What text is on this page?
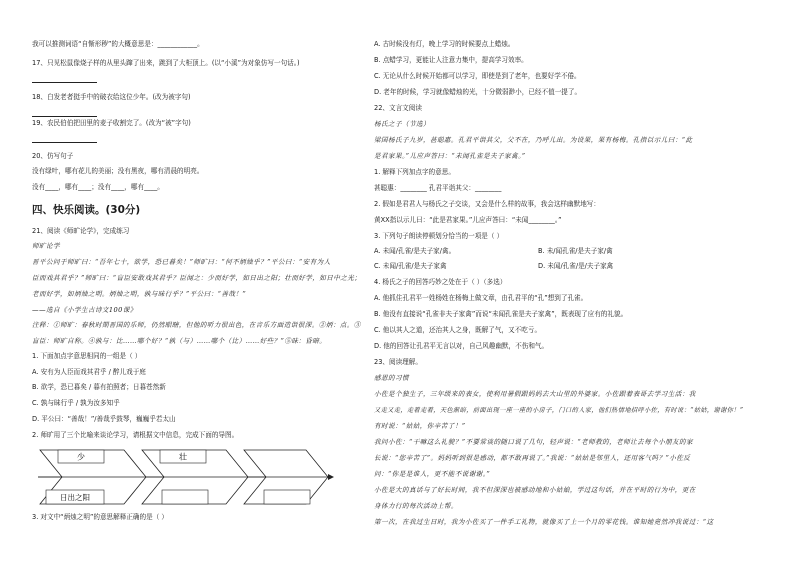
我可以推测词语“自惭形秽”的大概意思是：____________。
17、只见松鼠像烧子样的从里头蹿了出来，跳到了大柜顶上。(以“小溪”为对象仿写一句话。)
18、白发老者挺手中的破衣给这位少年。(改为被字句)
19、农民伯伯把田里的麦子收割完了。(改为“被”字句)
20、仿写句子
没有绿叶，哪有花儿的美丽；没有黑夜，哪有清晨的明亮。
没有____，哪有____；没有____，哪有____。
四、快乐阅读。(30分)
21、阅读《师旷论学》，完成练习
师旷论学
晋平公问于师旷曰：“吾年七十，欲学，恐已暮矣！”师旷曰：“何不炳烛乎？”平公曰：“安有为人
臣而戏其君乎？”师旷曰：“盲臣安敢戏其君乎？臣闻之：少而好学，如日出之阳；壮而好学，如日中之光；
老而好学，如炳烛之明。炳烛之明，孰与昧行乎？”平公曰：“善哉！”
——选自《小学生古诗文100课》
注释：①师旷：春秋时期晋国的乐师，仍然眼瞎，但他的听力很出色，在音乐方面造诣很深。②炳：点。③
盲臣：师旷自称。④孰与：比……哪个好？“孰（与）……哪个（比）……好些？”⑤昧：昏暗。
1. 下面加点字意思相同的一组是（ ）
A. 安有为人臣而戏其君乎 / 醉儿戏于庭
B. 欲学，恐已暮矣 / 暮有拍照者；日暮苍然新
C. 孰与昧行乎 / 孰为汝多知乎
D. 平公曰：“善哉！”/善哉乎鼓琴，巍巍乎若太山
2. 师旷用了三个比喻来谈论学习，请根据文中信息，完成下面的导图。
少	壮
日出之阳
3. 对文中“炳烛之明”的意思解释正确的是（ ）
A. 古时候没有灯，晚上学习的时候要点上蜡烛。
B. 点蜡学习，更能让人注意力集中，提高学习效率。
C. 无论从什么时候开始都可以学习，即使是到了老年，也要好学不倦。
D. 老年的时候，学习就像蜡烛的光，十分微弱渺小，已经不值一提了。
22、文言文阅读
杨氏之子（节选）
梁国杨氏子九岁，甚聪惠。孔君平诣其父，父不在，乃呼儿出。为设果，果有杨梅。孔指以示儿曰：“此
是君家果。”儿应声答曰：“未闻孔雀是夫子家禽。”
1. 解释下列加点字的意思。
甚聪惠：________ 孔君平诣其父：________
2. 假如是君君人与杨氏之子交谈，又会是什么样的故事，我会这样幽默地写：
黄XX指以示儿曰：“此是君家果。”儿应声答曰：“未闻________。”
3. 下列句子朗读停顿划分恰当的一项是（ ）
A. 未闻/孔雀/是夫子家/禽。	B. 未/闻孔雀/是夫子家/禽
C. 未闻/孔雀/是夫子家禽	D. 未闻/孔雀/是/夫子家禽
4. 杨氏之子的回答巧妙之处在于（ ）（多选）
A. 他抓住孔君平一姓杨姓在杨梅上做文章，由孔君平的“孔”想到了孔雀。
B. 他没有直接说“孔雀非夫子家禽”而说“未闻孔雀是夫子家禽”，既表现了应有的礼貌。
C. 他以其人之道，还治其人之身，既解了气，又不吃亏。
D. 他的回答让孔君平无言以对，自己风趣幽默，不伤和气。
23、阅读理解。
感恩的习惯
小佐是个独生子，三年级来的表女，使利用暑假跟妈妈去大山里的外婆家。小佐跟着表哥去学习生活：我
又走又走，走着走着，天色渐暗，前面出现一座一座的小房子，门口的人家，他们热情地招呼小佐，有时说：“姑姑，谢谢你！”
有时说：“姑姑，你辛苦了！”
我问小佐：“干嘛这么礼貌？”不要常谈的随口说了几句，轻声说：“老师教的，老师让去每个小朋友的家
长说：“您辛苦了”。妈妈听到很是感动，都不敢再说了。”我说：“姑姑是邻里人，还用客气吗？”小佐反
问：“你是是谁人，更不能不说谢谢。”
小佐是大的真话与了好长时间，我不但深深也被感动地和小姑娘，学过这句话，并在平时的行为中，更在
身体力行的每次活动上帮。
第一次，在我过生日时，我为小佐买了一件手工礼物，就像买了上一个月的零花钱。谁知她竟然冲我说过：“这
